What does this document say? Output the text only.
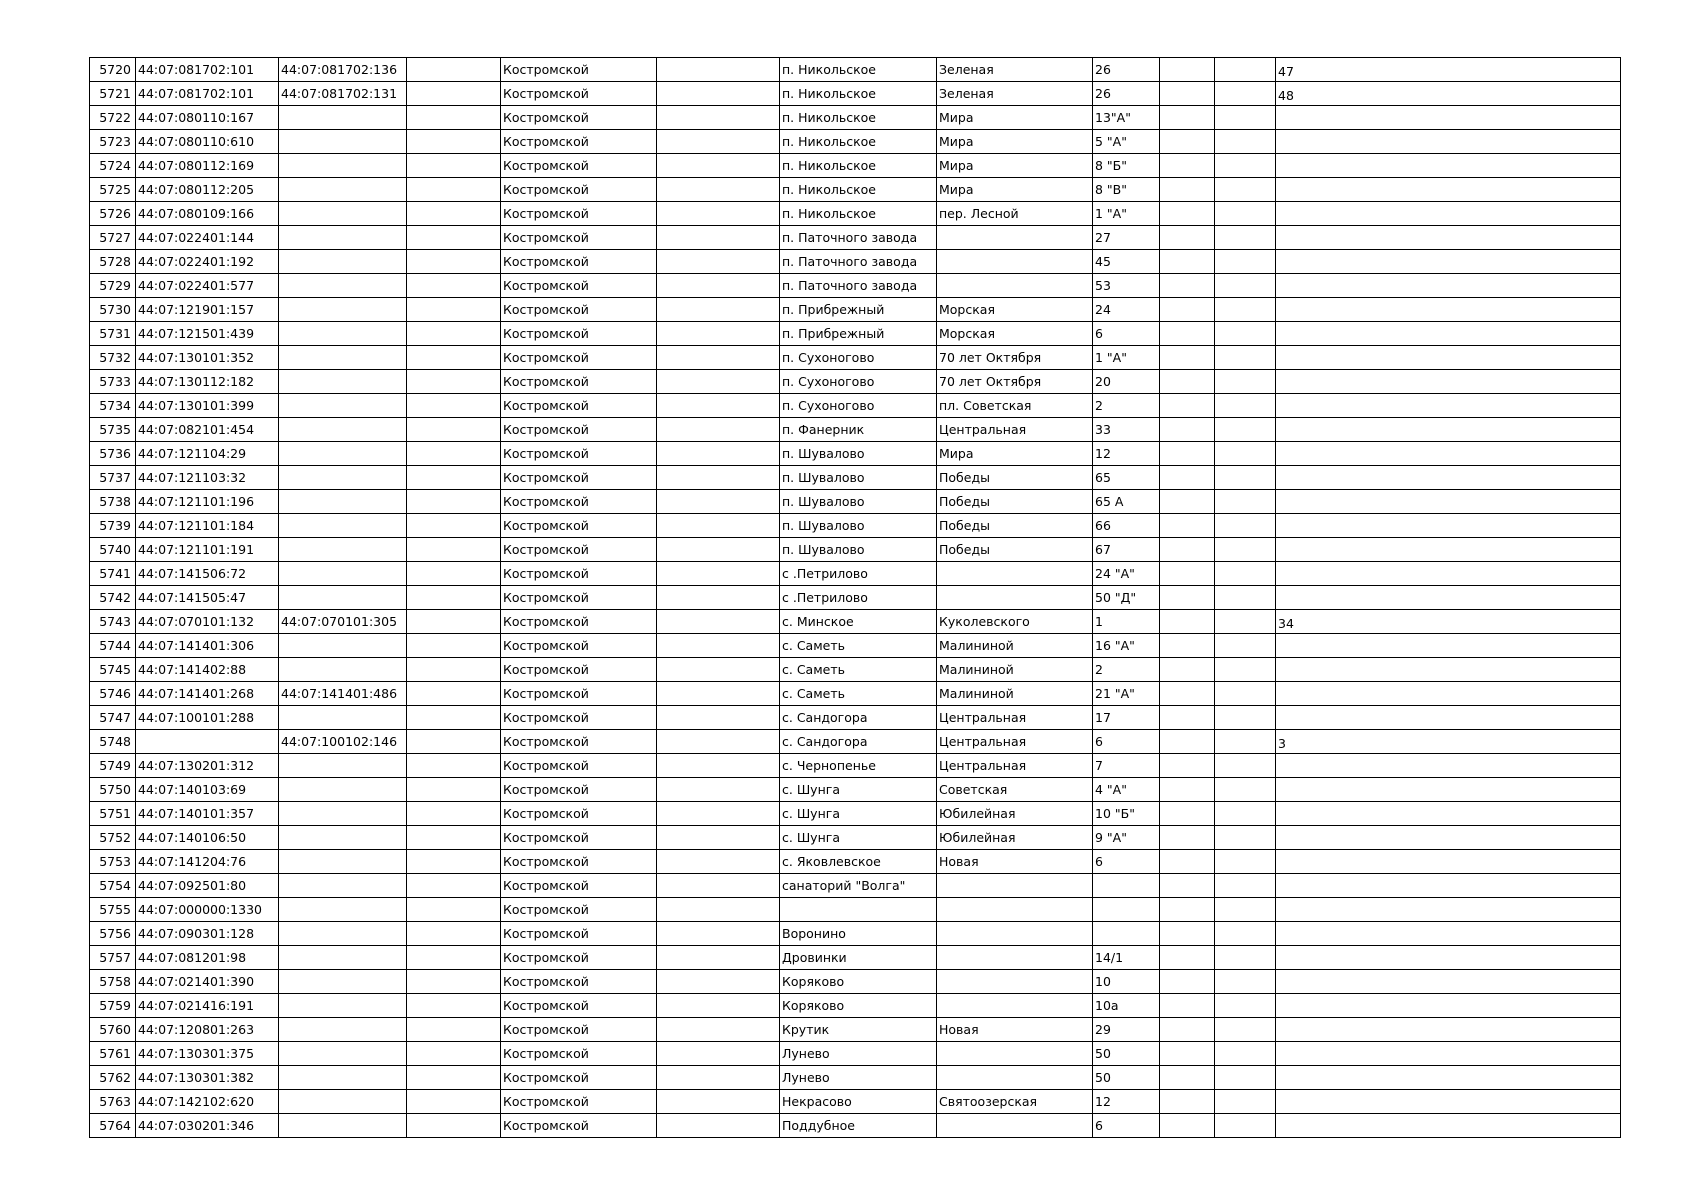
5720	44:07:081702:101	44:07:081702:136		Костромской		п. Никольское	Зеленая	26			47
5721	44:07:081702:101	44:07:081702:131		Костромской		п. Никольское	Зеленая	26			48
5722	44:07:080110:167			Костромской		п. Никольское	Мира	13"А"			
5723	44:07:080110:610			Костромской		п. Никольское	Мира	5 "А"			
5724	44:07:080112:169			Костромской		п. Никольское	Мира	8 "Б"			
5725	44:07:080112:205			Костромской		п. Никольское	Мира	8 "В"			
5726	44:07:080109:166			Костромской		п. Никольское	пер. Лесной	1 "А"			
5727	44:07:022401:144			Костромской		п. Паточного завода		27			
5728	44:07:022401:192			Костромской		п. Паточного завода		45			
5729	44:07:022401:577			Костромской		п. Паточного завода		53			
5730	44:07:121901:157			Костромской		п. Прибрежный	Морская	24			
5731	44:07:121501:439			Костромской		п. Прибрежный	Морская	6			
5732	44:07:130101:352			Костромской		п. Сухоногово	70 лет Октября	1 "А"			
5733	44:07:130112:182			Костромской		п. Сухоногово	70 лет Октября	20			
5734	44:07:130101:399			Костромской		п. Сухоногово	пл. Советская	2			
5735	44:07:082101:454			Костромской		п. Фанерник	Центральная	33			
5736	44:07:121104:29			Костромской		п. Шувалово	Мира	12			
5737	44:07:121103:32			Костромской		п. Шувалово	Победы	65			
5738	44:07:121101:196			Костромской		п. Шувалово	Победы	65 А			
5739	44:07:121101:184			Костромской		п. Шувалово	Победы	66			
5740	44:07:121101:191			Костромской		п. Шувалово	Победы	67			
5741	44:07:141506:72			Костромской		с .Петрилово		24 "А"			
5742	44:07:141505:47			Костромской		с .Петрилово		50 "Д"			
5743	44:07:070101:132	44:07:070101:305		Костромской		с. Минское	Куколевского	1			34
5744	44:07:141401:306			Костромской		с. Саметь	Малининой	16 "А"			
5745	44:07:141402:88			Костромской		с. Саметь	Малининой	2			
5746	44:07:141401:268	44:07:141401:486		Костромской		с. Саметь	Малининой	21 "А"			
5747	44:07:100101:288			Костромской		с. Сандогора	Центральная	17			
5748		44:07:100102:146		Костромской		с. Сандогора	Центральная	6			3
5749	44:07:130201:312			Костромской		с. Чернопенье	Центральная	7			
5750	44:07:140103:69			Костромской		с. Шунга	Советская	4 "А"			
5751	44:07:140101:357			Костромской		с. Шунга	Юбилейная	10 "Б"			
5752	44:07:140106:50			Костромской		с. Шунга	Юбилейная	9 "А"			
5753	44:07:141204:76			Костромской		с. Яковлевское	Новая	6			
5754	44:07:092501:80			Костромской		санаторий "Волга"					
5755	44:07:000000:1330			Костромской							
5756	44:07:090301:128			Костромской		Воронино					
5757	44:07:081201:98			Костромской		Дровинки		14/1			
5758	44:07:021401:390			Костромской		Коряково		10			
5759	44:07:021416:191			Костромской		Коряково		10а			
5760	44:07:120801:263			Костромской		Крутик	Новая	29			
5761	44:07:130301:375			Костромской		Лунево		50			
5762	44:07:130301:382			Костромской		Лунево		50			
5763	44:07:142102:620			Костромской		Некрасово	Святоозерская	12			
5764	44:07:030201:346			Костромской		Поддубное		6			
